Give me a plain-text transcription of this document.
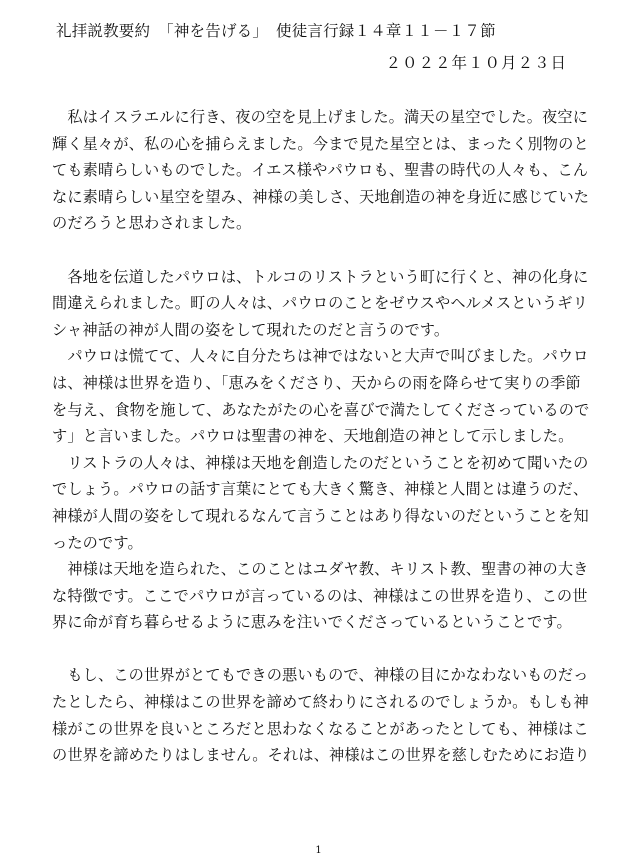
礼拝説教要約　「神を告げる」　使徒言行録１４章１１－１７節
２０２２年１０月２３日

　私はイスラエルに行き、夜の空を見上げました。満天の星空でした。夜空に
輝く星々が、私の心を捕らえました。今まで見た星空とは、まったく別物のと
ても素晴らしいものでした。イエス様やパウロも、聖書の時代の人々も、こん
なに素晴らしい星空を望み、神様の美しさ、天地創造の神を身近に感じていた
のだろうと思わされました。

　各地を伝道したパウロは、トルコのリストラという町に行くと、神の化身に
間違えられました。町の人々は、パウロのことをゼウスやヘルメスというギリ
シャ神話の神が人間の姿をして現れたのだと言うのです。

　パウロは慌てて、人々に自分たちは神ではないと大声で叫びました。パウロ
は、神様は世界を造り、「恵みをくださり、天からの雨を降らせて実りの季節
を与え、食物を施して、あなたがたの心を喜びで満たしてくださっているので
す」と言いました。パウロは聖書の神を、天地創造の神として示しました。

　リストラの人々は、神様は天地を創造したのだということを初めて聞いたの
でしょう。パウロの話す言葉にとても大きく驚き、神様と人間とは違うのだ、
神様が人間の姿をして現れるなんて言うことはあり得ないのだということを知
ったのです。

　神様は天地を造られた、このことはユダヤ教、キリスト教、聖書の神の大き
な特徴です。ここでパウロが言っているのは、神様はこの世界を造り、この世
界に命が育ち暮らせるように恵みを注いでくださっているということです。

　もし、この世界がとてもできの悪いもので、神様の目にかなわないものだっ
たとしたら、神様はこの世界を諦めて終わりにされるのでしょうか。もしも神
様がこの世界を良いところだと思わなくなることがあったとしても、神様はこ
の世界を諦めたりはしません。それは、神様はこの世界を慈しむためにお造り

1
